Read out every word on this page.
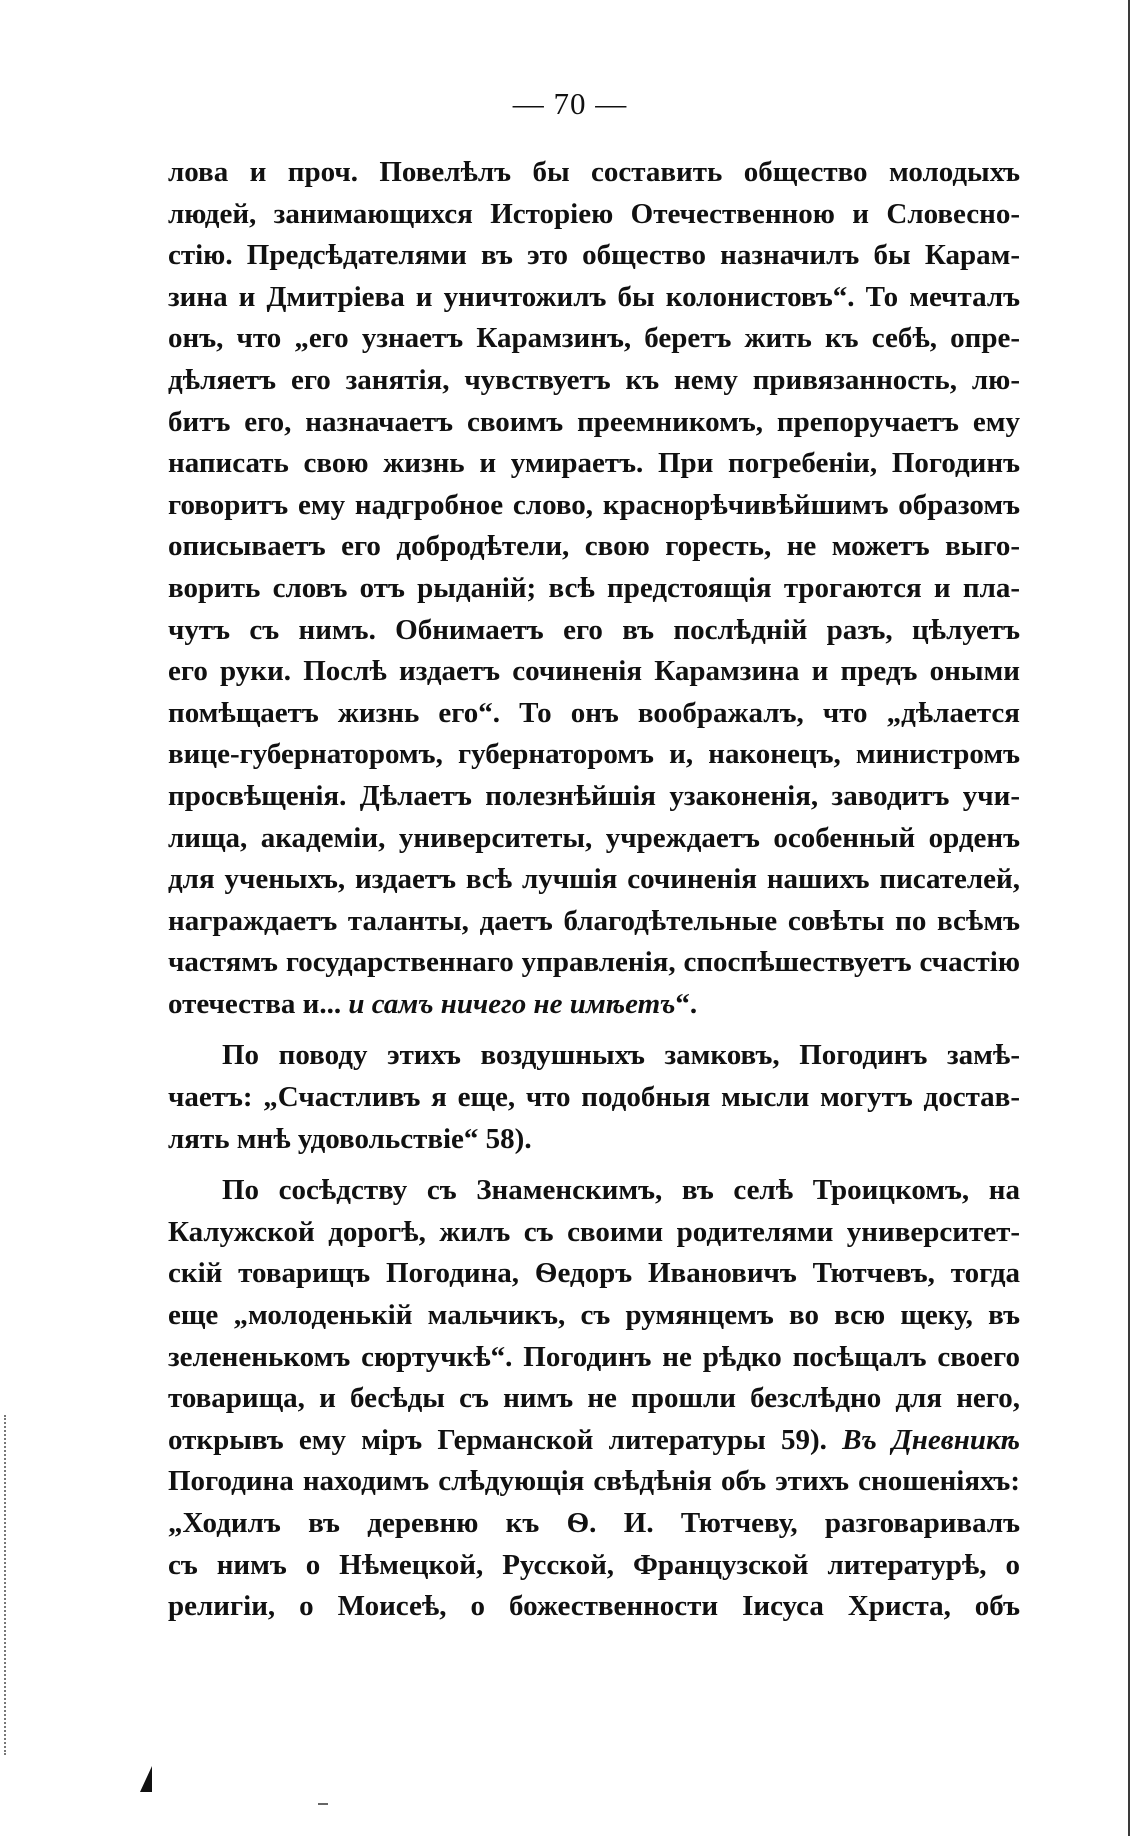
— 70 —
лова и проч. Повелѣлъ бы составить общество молодыхъ
людей, занимающихся Исторіею Отечественною и Словесно-
стію. Предсѣдателями въ это общество назначилъ бы Карам-
зина и Дмитріева и уничтожилъ бы колонистовъ“. То мечталъ
онъ, что „его узнаетъ Карамзинъ, беретъ жить къ себѣ, опре-
дѣляетъ его занятія, чувствуетъ къ нему привязанность, лю-
битъ его, назначаетъ своимъ преемникомъ, препоручаетъ ему
написать свою жизнь и умираетъ. При погребеніи, Погодинъ
говоритъ ему надгробное слово, краснорѣчивѣйшимъ образомъ
описываетъ его добродѣтели, свою горесть, не можетъ выго-
ворить словъ отъ рыданій; всѣ предстоящія трогаются и пла-
чутъ съ нимъ. Обнимаетъ его въ послѣдній разъ, цѣлуетъ
его руки. Послѣ издаетъ сочиненія Карамзина и предъ оными
помѣщаетъ жизнь его“. То онъ воображалъ, что „дѣлается
вице-губернаторомъ, губернаторомъ и, наконецъ, министромъ
просвѣщенія. Дѣлаетъ полезнѣйшія узаконенія, заводитъ учи-
лища, академіи, университеты, учреждаетъ особенный орденъ
для ученыхъ, издаетъ всѣ лучшія сочиненія нашихъ писателей,
награждаетъ таланты, даетъ благодѣтельные совѣты по всѣмъ
частямъ государственнаго управленія, споспѣшествуетъ счастію
отечества и... и самъ ничего не имѣетъ“.
По поводу этихъ воздушныхъ замковъ, Погодинъ замѣ-
чаетъ: „Счастливъ я еще, что подобныя мысли могутъ достав-
лять мнѣ удовольствіе“ 58).
По сосѣдству съ Знаменскимъ, въ селѣ Троицкомъ, на
Калужской дорогѣ, жилъ съ своими родителями университет-
скій товарищъ Погодина, Ѳедоръ Ивановичъ Тютчевъ, тогда
еще „молоденькій мальчикъ, съ румянцемъ во всю щеку, въ
зелененькомъ сюртучкѣ“. Погодинъ не рѣдко посѣщалъ своего
товарища, и бесѣды съ нимъ не прошли безслѣдно для него,
открывъ ему міръ Германской литературы 59). Въ Дневникѣ
Погодина находимъ слѣдующія свѣдѣнія объ этихъ сношеніяхъ:
„Ходилъ въ деревню къ Ѳ. И. Тютчеву, разговаривалъ
съ нимъ о Нѣмецкой, Русской, Французской литературѣ, о
религіи, о Моисеѣ, о божественности Іисуса Христа, объ
